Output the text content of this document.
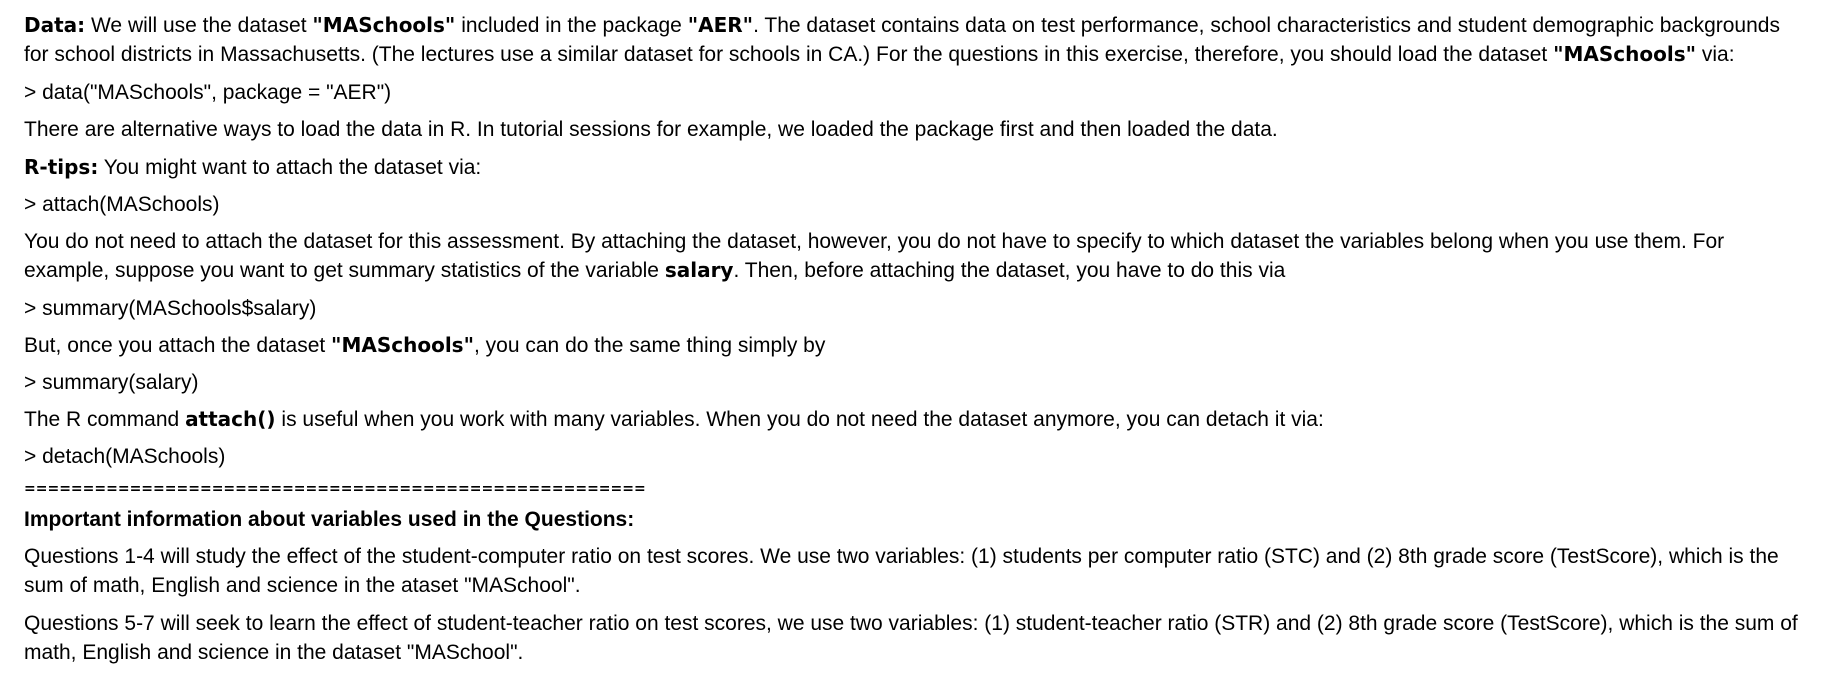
Data: We will use the dataset "MASchools" included in the package "AER". The dataset contains data on test performance, school characteristics and student demographic backgrounds for school districts in Massachusetts. (The lectures use a similar dataset for schools in CA.) For the questions in this exercise, therefore, you should load the dataset "MASchools" via:

> data("MASchools", package = "AER")

There are alternative ways to load the data in R. In tutorial sessions for example, we loaded the package first and then loaded the data.

R-tips: You might want to attach the dataset via:

> attach(MASchools)

You do not need to attach the dataset for this assessment. By attaching the dataset, however, you do not have to specify to which dataset the variables belong when you use them. For example, suppose you want to get summary statistics of the variable salary. Then, before attaching the dataset, you have to do this via

> summary(MASchools$salary)

But, once you attach the dataset "MASchools", you can do the same thing simply by

> summary(salary)

The R command attach() is useful when you work with many variables. When you do not need the dataset anymore, you can detach it via:

> detach(MASchools)

=====================================================

Important information about variables used in the Questions:

Questions 1-4 will study the effect of the student-computer ratio on test scores. We use two variables: (1) students per computer ratio (STC) and (2) 8th grade score (TestScore), which is the sum of math, English and science in the ataset "MASchool".

Questions 5-7 will seek to learn the effect of student-teacher ratio on test scores, we use two variables: (1) student-teacher ratio (STR) and (2) 8th grade score (TestScore), which is the sum of math, English and science in the dataset "MASchool".
